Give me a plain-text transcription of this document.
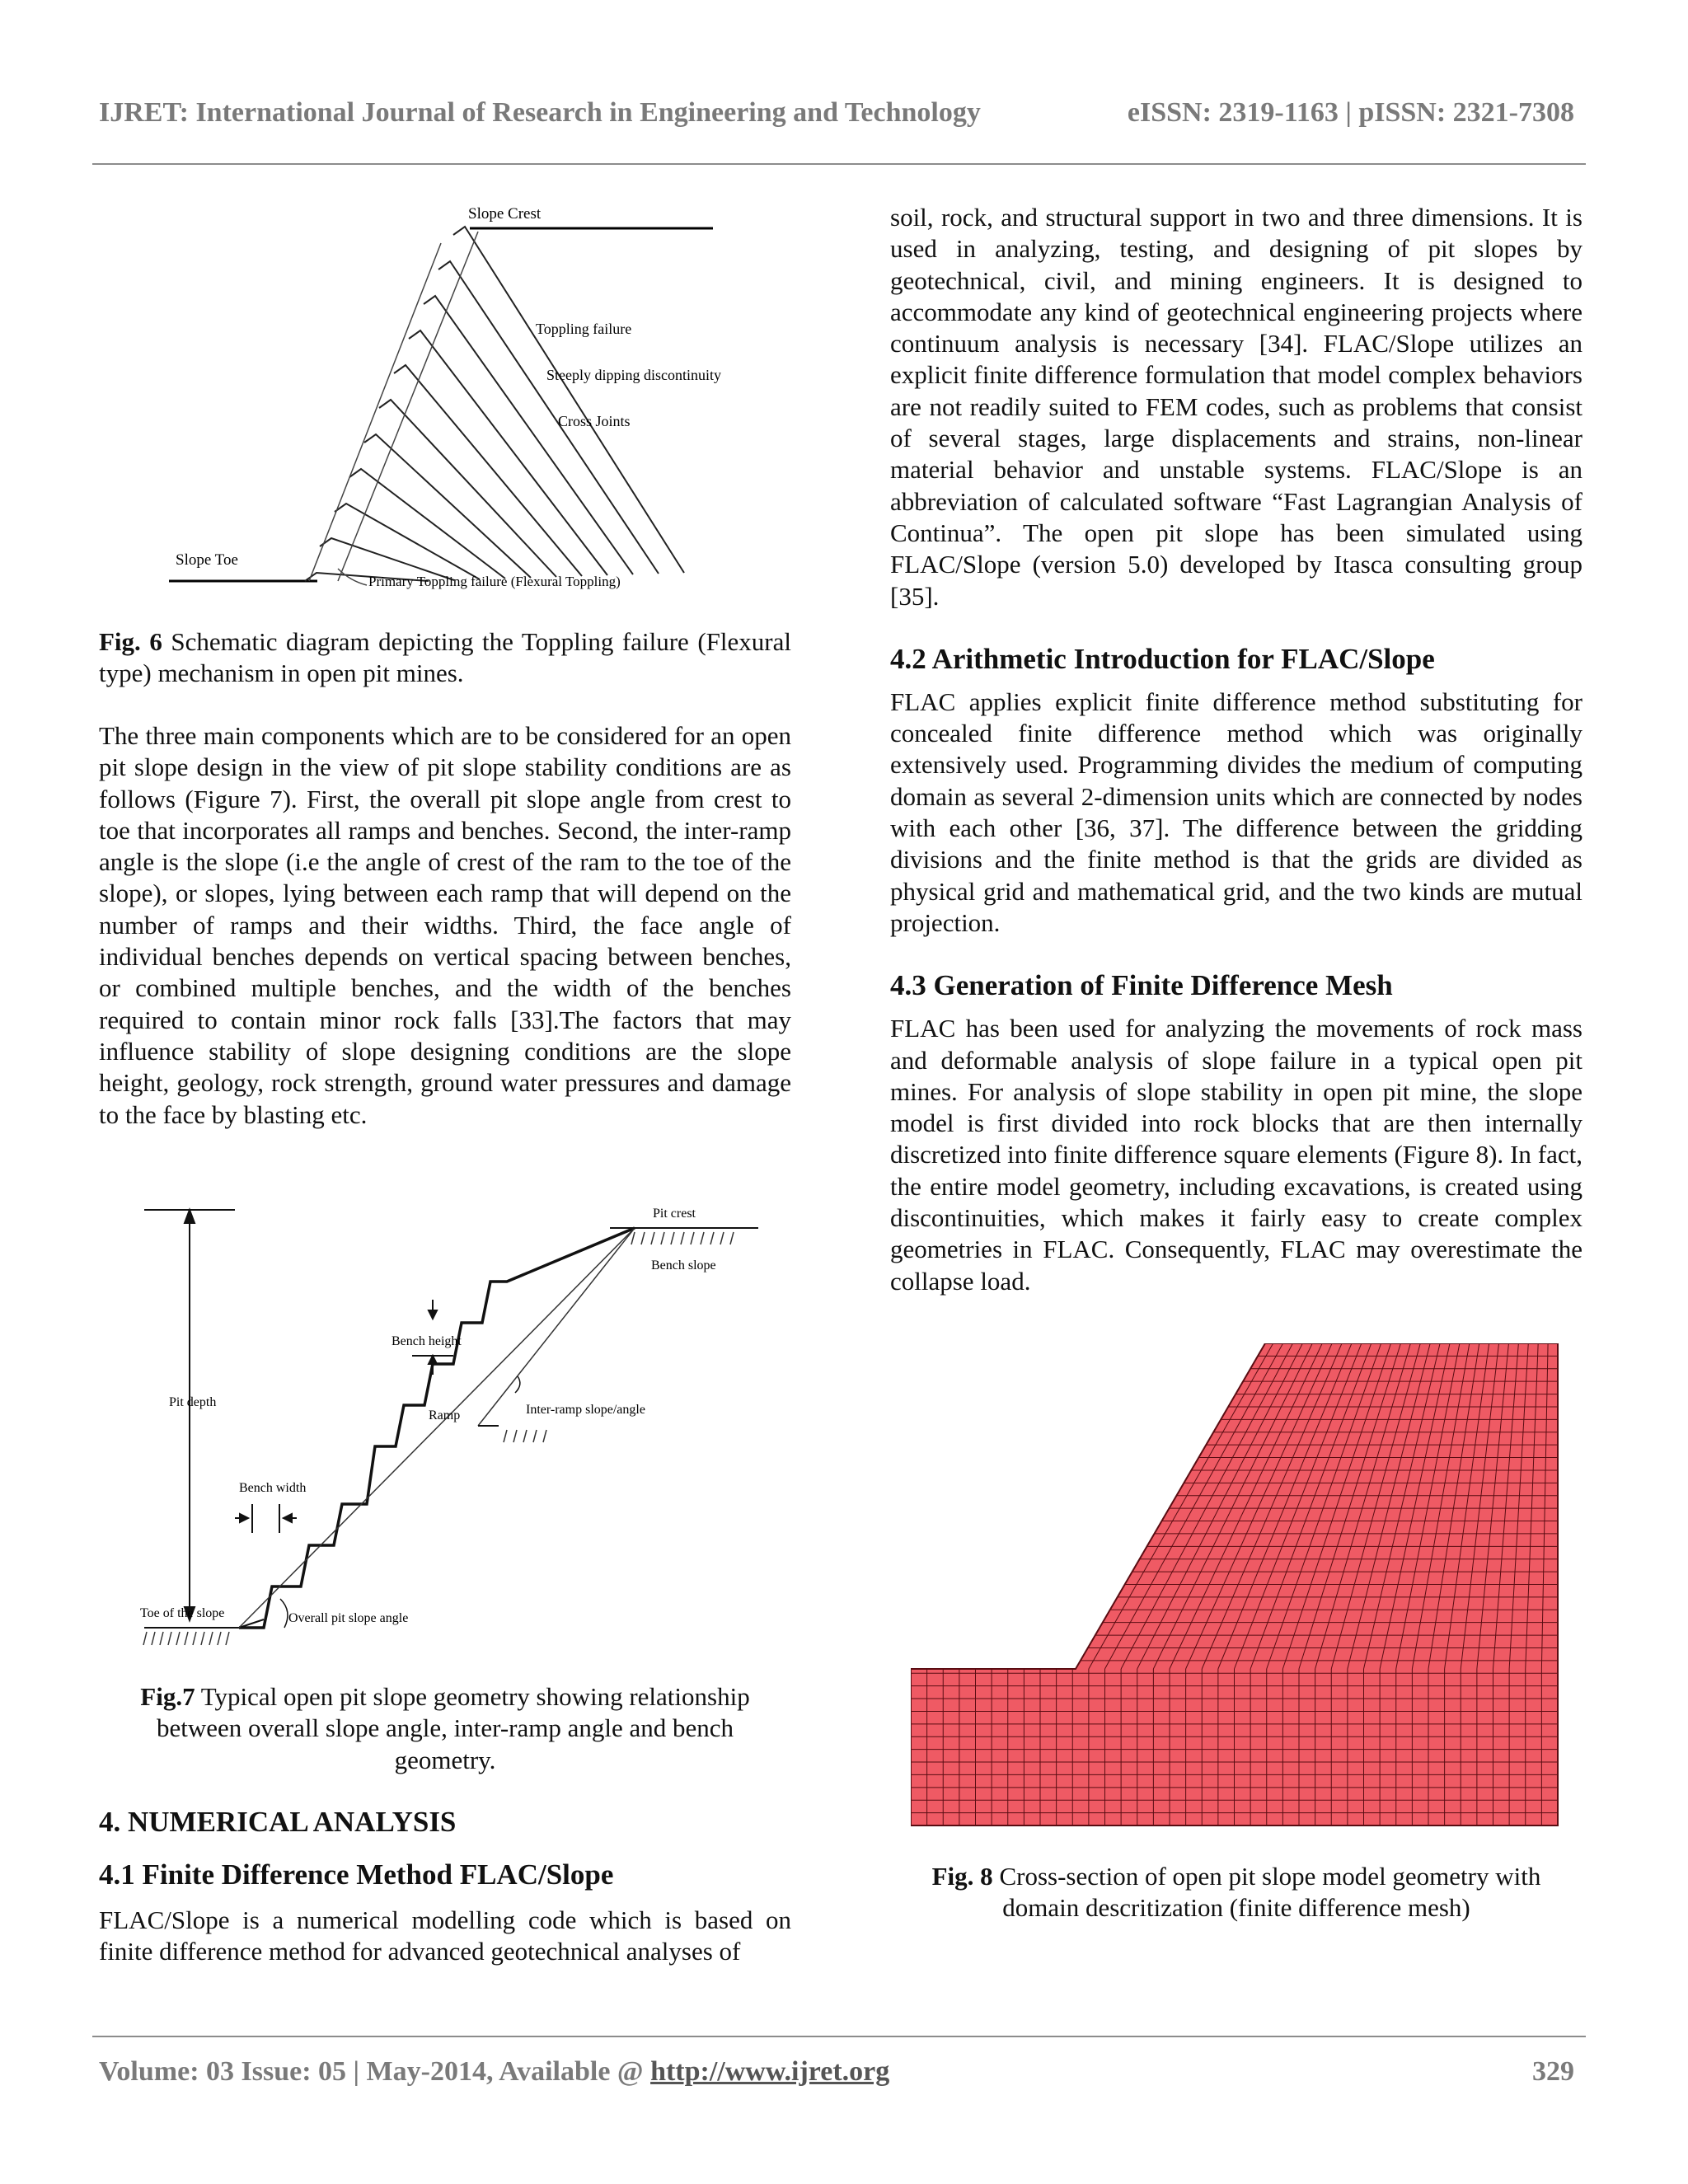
IJRET: International Journal of Research in Engineering and Technology	eISSN: 2319-1163 | pISSN: 2321-7308
Slope Crest
Toppling failure
Steeply dipping discontinuity
Cross Joints
Slope Toe
Primary Toppling failure (Flexural Toppling)
Fig. 6 Schematic diagram depicting the Toppling failure (Flexural type) mechanism in open pit mines.

The three main components which are to be considered for an open pit slope design in the view of pit slope stability conditions are as follows (Figure 7). First, the overall pit slope angle from crest to toe that incorporates all ramps and benches. Second, the inter-ramp angle is the slope (i.e the angle of crest of the ram to the toe of the slope), or slopes, lying between each ramp that will depend on the number of ramps and their widths. Third, the face angle of individual benches depends on vertical spacing between benches, or combined multiple benches, and the width of the benches required to contain minor rock falls [33].The factors that may influence stability of slope designing conditions are the slope height, geology, rock strength, ground water pressures and damage to the face by blasting etc.

Pit crest
Bench slope
Bench height
Ramp	Inter-ramp slope/angle
Pit depth
Bench width
Toe of the slope	Overall pit slope angle
Fig.7 Typical open pit slope geometry showing relationship between overall slope angle, inter-ramp angle and bench geometry.
4. NUMERICAL ANALYSIS
4.1 Finite Difference Method FLAC/Slope

FLAC/Slope is a numerical modelling code which is based on finite difference method for advanced geotechnical analyses of

soil, rock, and structural support in two and three dimensions. It is used in analyzing, testing, and designing of pit slopes by geotechnical, civil, and mining engineers. It is designed to accommodate any kind of geotechnical engineering projects where continuum analysis is necessary [34]. FLAC/Slope utilizes an explicit finite difference formulation that model complex behaviors are not readily suited to FEM codes, such as problems that consist of several stages, large displacements and strains, non-linear material behavior and unstable systems. FLAC/Slope is an abbreviation of calculated software “Fast Lagrangian Analysis of Continua”. The open pit slope has been simulated using FLAC/Slope (version 5.0) developed by Itasca consulting group [35].

4.2 Arithmetic Introduction for FLAC/Slope

FLAC applies explicit finite difference method substituting for concealed finite difference method which was originally extensively used. Programming divides the medium of computing domain as several 2-dimension units which are connected by nodes with each other [36, 37]. The difference between the gridding divisions and the finite method is that the grids are divided as physical grid and mathematical grid, and the two kinds are mutual projection.

4.3 Generation of Finite Difference Mesh

FLAC has been used for analyzing the movements of rock mass and deformable analysis of slope failure in a typical open pit mines. For analysis of slope stability in open pit mine, the slope model is first divided into rock blocks that are then internally discretized into finite difference square elements (Figure 8). In fact, the entire model geometry, including excavations, is created using discontinuities, which makes it fairly easy to create complex geometries in FLAC. Consequently, FLAC may overestimate the collapse load.

Fig. 8 Cross-section of open pit slope model geometry with domain descritization (finite difference mesh)
Volume: 03 Issue: 05 | May-2014, Available @ http://www.ijret.org	329
